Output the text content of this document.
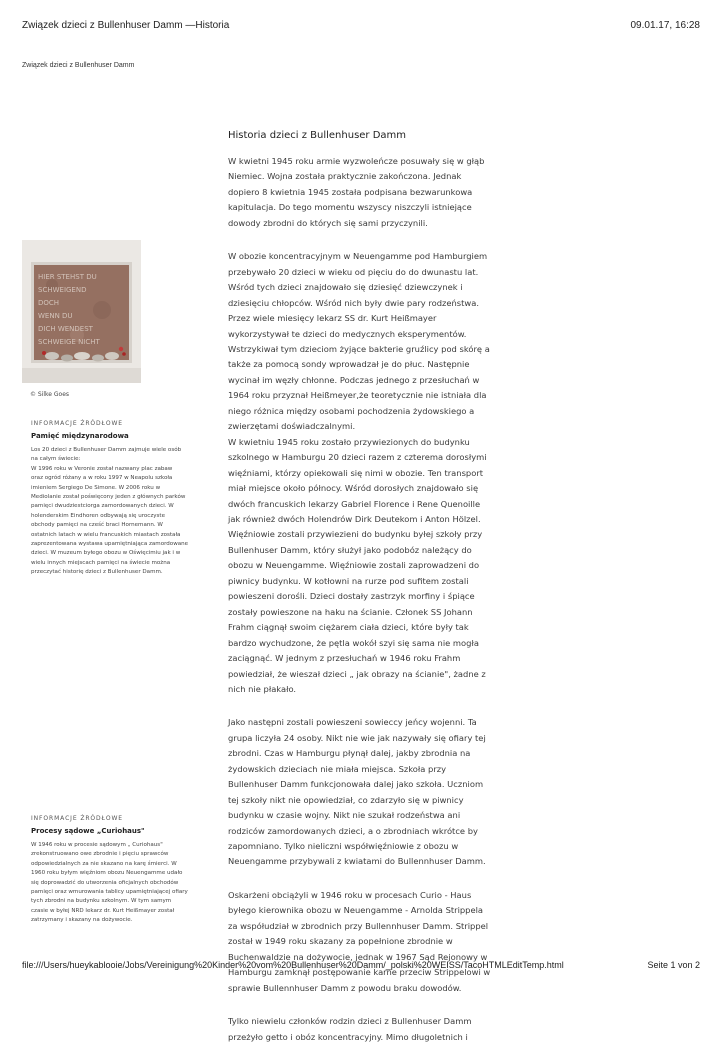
Związek dzieci z Bullenhuser Damm —Historia	09.01.17, 16:28
Związek dzieci z Bullenhuser Damm
HIER STEHST DU
SCHWEIGEND
DOCH
WENN DU
DICH WENDEST
SCHWEIGE NICHT
© Silke Goes
INFORMACJE ŹRÓDŁOWE
Pamięć międzynarodowa
Los 20 dzieci z Bullenhuser Damm zajmuje wiele osób
na całym świecie:
W 1996 roku w Veronie został nazwany plac zabaw
oraz ogród różany a w roku 1997 w Neapolu szkoła
imieniem Sergiego De Simone. W 2006 roku w
Mediolanie został poświęcony jeden z głównych parków
pamięci dwudziestciorga zamordowanych dzieci. W
holenderskim Eindhoren odbywają się uroczyste
obchody pamięci na cześć braci Hornemann. W
ostatnich latach w wielu francuskich miastach została
zaprezentowana wystawa upamiętniająca zamordowane
dzieci. W muzeum byłego obozu w Oświęcimiu jak i w
wielu innych miejscach pamięci na świecie można
przeczytać historię dzieci z Bullenhuser Damm.
INFORMACJE ŹRÓDŁOWE
Procesy sądowe „Curiohaus"
W 1946 roku w procesie sądowym „ Curiohaus"
zrekonstruowano owe zbrodnie i pięciu sprawców
odpowiedzialnych za nie skazano na karę śmierci. W
1960 roku byłym więźniom obozu Neuengamme udało
się doprowadzić do utworzenia oficjalnych obchodów
pamięci oraz wmurowania tablicy upamiętniającej ofiary
tych zbrodni na budynku szkolnym. W tym samym
czasie w byłej NRD lekarz dr. Kurt Heißmayer został
zatrzymany i skazany na dożywocie.
Historia dzieci z Bullenhuser Damm

W kwietni 1945 roku armie wyzwoleńcze posuwały się w głąb
Niemiec. Wojna została praktycznie zakończona. Jednak
dopiero 8 kwietnia 1945 została podpisana bezwarunkowa
kapitulacja. Do tego momentu wszyscy niszczyli istniejące
dowody zbrodni do których się sami przyczynili.

W obozie koncentracyjnym w Neuengamme pod Hamburgiem
przebywało 20 dzieci w wieku od pięciu do do dwunastu lat.
Wśród tych dzieci znajdowało się dziesięć dziewczynek i
dziesięciu chłopców. Wśród nich były dwie pary rodzeństwa.
Przez wiele miesięcy lekarz SS dr. Kurt Heißmayer
wykorzystywał te dzieci do medycznych eksperymentów.
Wstrzykiwał tym dzieciom żyjące bakterie gruźlicy pod skórę a
także za pomocą sondy wprowadzał je do płuc. Następnie
wycinał im węzły chłonne. Podczas jednego z przesłuchań w
1964 roku przyznał Heißmeyer,że teoretycznie nie istniała dla
niego różnica między osobami pochodzenia żydowskiego a
zwierzętami doświadczalnymi.

W kwietniu 1945 roku zostało przywiezionych do budynku
szkolnego w Hamburgu 20 dzieci razem z czterema dorosłymi
więźniami, którzy opiekowali się nimi w obozie. Ten transport
miał miejsce około północy. Wśród dorosłych znajdowało się
dwóch francuskich lekarzy Gabriel Florence i Rene Quenoille
jak również dwóch Holendrów Dirk Deutekom i Anton Hölzel.
Więźniowie zostali przywiezieni do budynku byłej szkoły przy
Bullenhuser Damm, który służył jako podobóz należący do
obozu w Neuengamme. Więźniowie zostali zaprowadzeni do
piwnicy budynku. W kotłowni na rurze pod sufitem zostali
powieszeni dorośli. Dzieci dostały zastrzyk morfiny i śpiące
zostały powieszone na haku na ścianie. Członek SS Johann
Frahm ciągnął swoim ciężarem ciała dzieci, które były tak
bardzo wychudzone, że pętla wokół szyi się sama nie mogła
zaciągnąć. W jednym z przesłuchań w 1946 roku Frahm
powiedział, że wieszał dzieci „ jak obrazy na ścianie", żadne z
nich nie płakało.

Jako następni zostali powieszeni sowieccy jeńcy wojenni. Ta
grupa liczyła 24 osoby. Nikt nie wie jak nazywały się ofiary tej
zbrodni. Czas w Hamburgu płynął dalej, jakby zbrodnia na
żydowskich dzieciach nie miała miejsca. Szkoła przy
Bullenhuser Damm funkcjonowała dalej jako szkoła. Uczniom
tej szkoły nikt nie opowiedział, co zdarzyło się w piwnicy
budynku w czasie wojny. Nikt nie szukał rodzeństwa ani
rodziców zamordowanych dzieci, a o zbrodniach wkrótce by
zapomniano. Tylko nieliczni współwięźniowie z obozu w
Neuengamme przybywali z kwiatami do Bullennhuser Damm.

Oskarżeni obciążyli w 1946 roku w procesach Curio - Haus
byłego kierownika obozu w Neuengamme - Arnolda Strippela
za współudział w zbrodnich przy Bullennhuser Damm. Strippel
został w 1949 roku skazany za popełnione zbrodnie w
Buchenwaldzie na dożywocie, jednak w 1967 Sąd Rejonowy w
Hamburgu zamknął postępowanie karne przeciw Strippelowi w
sprawie Bullennhuser Damm z powodu braku dowodów.

Tylko niewielu członków rodzin dzieci z Bullenhuser Damm
przeżyło getto i obóz koncentracyjny. Mimo długoletnich i

file:///Users/hueykablooie/Jobs/Vereinigung%20Kinder%20vom%20Bullenhuser%20Damm/_polski%20WEISS/TacoHTMLEditTemp.html	Seite 1 von 2
